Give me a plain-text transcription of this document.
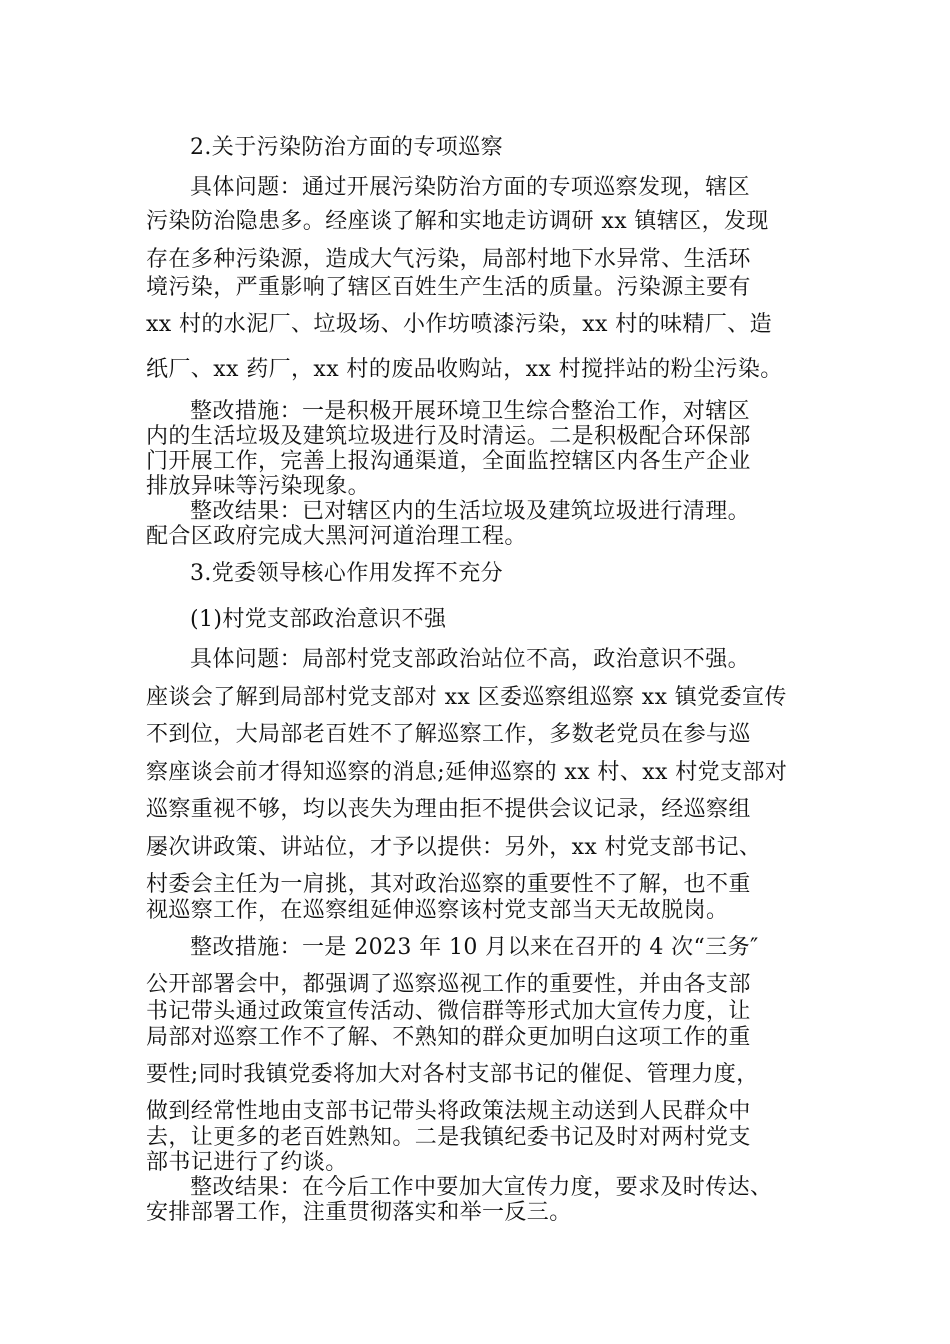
2.关于污染防治方面的专项巡察
具体问题：通过开展污染防治方面的专项巡察发现，辖区
污染防治隐患多。经座谈了解和实地走访调研 xx 镇辖区，发现
存在多种污染源，造成大气污染，局部村地下水异常、生活环
境污染，严重影响了辖区百姓生产生活的质量。污染源主要有
xx 村的水泥厂、垃圾场、小作坊喷漆污染，xx 村的味精厂、造
纸厂、xx 药厂，xx 村的废品收购站，xx 村搅拌站的粉尘污染。
整改措施：一是积极开展环境卫生综合整治工作，对辖区
内的生活垃圾及建筑垃圾进行及时清运。二是积极配合环保部
门开展工作，完善上报沟通渠道，全面监控辖区内各生产企业
排放异味等污染现象。
整改结果：已对辖区内的生活垃圾及建筑垃圾进行清理。
配合区政府完成大黑河河道治理工程。
3.党委领导核心作用发挥不充分
(1)村党支部政治意识不强
具体问题：局部村党支部政治站位不高，政治意识不强。
座谈会了解到局部村党支部对 xx 区委巡察组巡察 xx 镇党委宣传
不到位，大局部老百姓不了解巡察工作，多数老党员在参与巡
察座谈会前才得知巡察的消息;延伸巡察的 xx 村、xx 村党支部对
巡察重视不够，均以丧失为理由拒不提供会议记录，经巡察组
屡次讲政策、讲站位，才予以提供：另外，xx 村党支部书记、
村委会主任为一肩挑，其对政治巡察的重要性不了解，也不重
视巡察工作，在巡察组延伸巡察该村党支部当天无故脱岗。
整改措施：一是 2023 年 10 月以来在召开的 4 次“三务″
公开部署会中，都强调了巡察巡视工作的重要性，并由各支部
书记带头通过政策宣传活动、微信群等形式加大宣传力度，让
局部对巡察工作不了解、不熟知的群众更加明白这项工作的重
要性;同时我镇党委将加大对各村支部书记的催促、管理力度，
做到经常性地由支部书记带头将政策法规主动送到人民群众中
去，让更多的老百姓熟知。二是我镇纪委书记及时对两村党支
部书记进行了约谈。
整改结果：在今后工作中要加大宣传力度，要求及时传达、
安排部署工作，注重贯彻落实和举一反三。
